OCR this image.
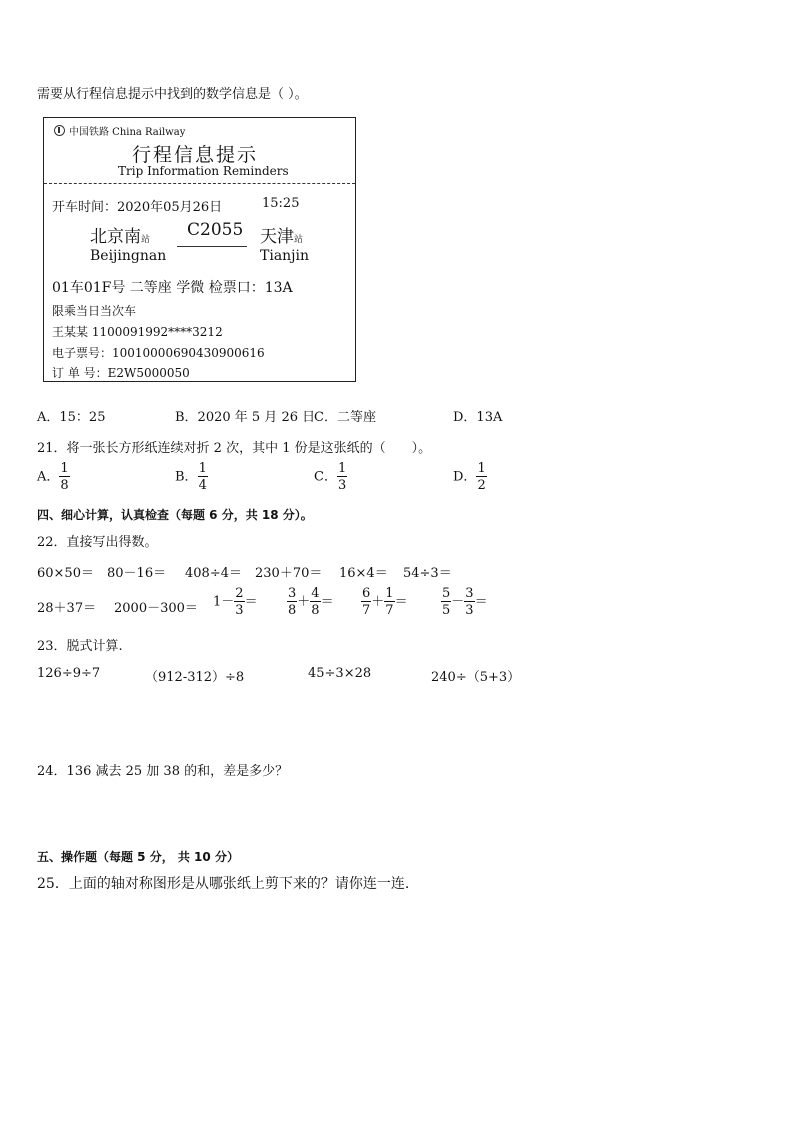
需要从行程信息提示中找到的数学信息是（ ）。
中国铁路 China Railway
行程信息提示
Trip Information Reminders
开车时间：2020年05月26日	15:25
北京南站
Beijingnan
C2055 天津站
Tianjin
01车01F号 二等座 学微 检票口：13A
限乘当日当次车
王某某 1100091992****3212
电子票号：10010000690430900616
订 单 号：E2W5000050
A．15：25	B．2020 年 5 月 26 日
C．二等座	D．13A
21．将一张长方形纸连续对折 2 次，其中 1 份是这张纸的（　　）。
A． $\frac{1}{8}$	B． $\frac{1}{4}$	C． $\frac{1}{3}$	D． $\frac{1}{2}$
四、细心计算，认真检查（每题 6 分，共 18 分）。
22．直接写出得数。
60×50＝ 80－16＝ 408÷4＝ 230＋70＝ 16×4＝ 54÷3＝
$28+37= 2000-300= 1- \frac{2}{3} = \frac{3}{8} + \frac{4}{8} = \frac{6}{7} + \frac{1}{7}$ ＝	$\frac{5}{5} - \frac{3}{3}$ ＝
23．脱式计算.
126÷9÷7	（912-312）÷8	45÷3×28	240÷（5+3）
24．136 减去 25 加 38 的和，差是多少？
五、操作题（每题 5 分， 共 10 分）
25．上面的轴对称图形是从哪张纸上剪下来的？请你连一连.
